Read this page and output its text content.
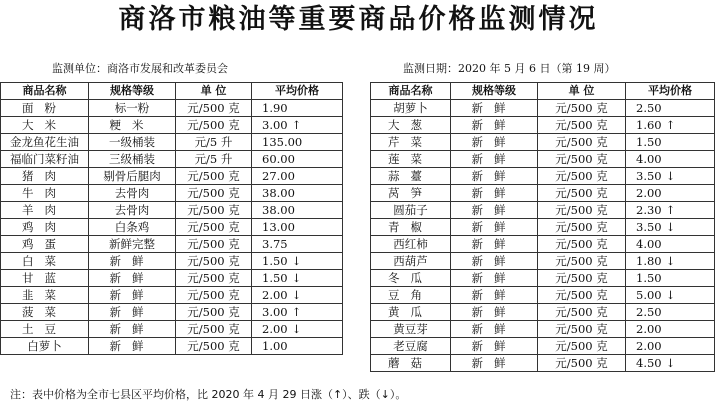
商洛市粮油等重要商品价格监测情况
监测单位：商洛市发展和改革委员会	监测日期：2020 年 5 月 6 日（第 19 周）
商品名称	规格等级	单 位	平均价格
面粉	标一粉	元/500 克	1.90
大米	粳米	元/500 克	3.00 ↑
金龙鱼花生油	一级桶装	元/5 升	135.00
福临门菜籽油	三级桶装	元/5 升	60.00
猪肉	剔骨后腿肉	元/500 克	27.00
牛肉	去骨肉	元/500 克	38.00
羊肉	去骨肉	元/500 克	38.00
鸡肉	白条鸡	元/500 克	13.00
鸡蛋	新鲜完整	元/500 克	3.75
白菜	新鲜	元/500 克	1.50 ↓
甘蓝	新鲜	元/500 克	1.50 ↓
韭菜	新鲜	元/500 克	2.00 ↓
菠菜	新鲜	元/500 克	3.00 ↑
土豆	新鲜	元/500 克	2.00 ↓
白萝卜	新鲜	元/500 克	1.00
商品名称	规格等级	单 位	平均价格
胡萝卜	新鲜	元/500 克	2.50
大葱	新鲜	元/500 克	1.60 ↑
芹菜	新鲜	元/500 克	1.50
莲菜	新鲜	元/500 克	4.00
蒜薹	新鲜	元/500 克	3.50 ↓
莴笋	新鲜	元/500 克	2.00
圆茄子	新鲜	元/500 克	2.30 ↑
青椒	新鲜	元/500 克	3.50 ↓
西红柿	新鲜	元/500 克	4.00
西葫芦	新鲜	元/500 克	1.80 ↓
冬瓜	新鲜	元/500 克	1.50
豆角	新鲜	元/500 克	5.00 ↓
黄瓜	新鲜	元/500 克	2.50
黄豆芽	新鲜	元/500 克	2.00
老豆腐	新鲜	元/500 克	2.00
蘑菇	新鲜	元/500 克	4.50 ↓
注：表中价格为全市七县区平均价格，比 2020 年 4 月 29 日涨（↑）、跌（↓）。
